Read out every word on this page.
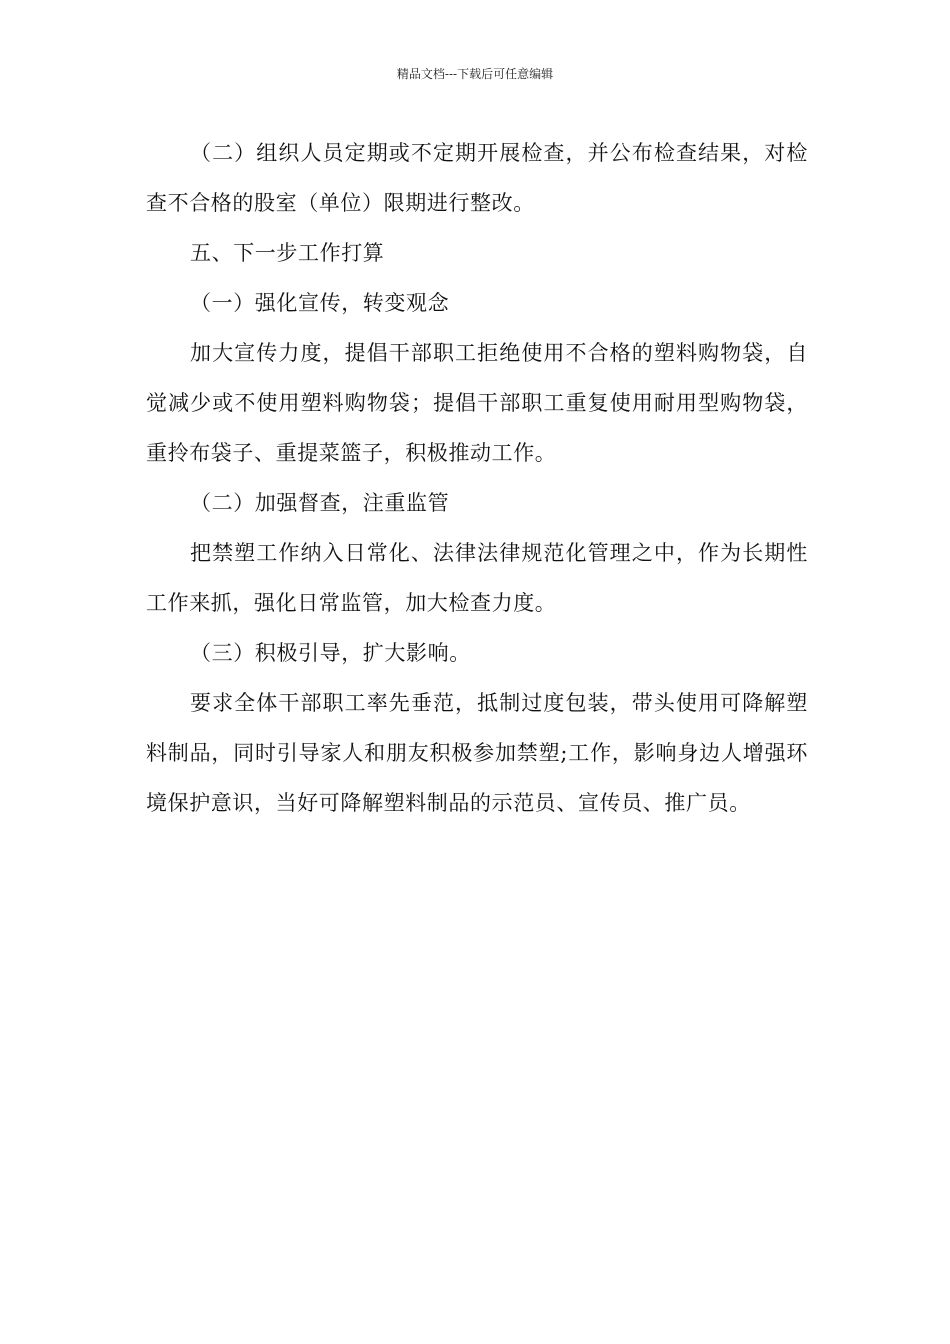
精品文档---下载后可任意编辑

（二）组织人员定期或不定期开展检查，并公布检查结果，对检查不合格的股室（单位）限期进行整改。

五、下一步工作打算

（一）强化宣传，转变观念

加大宣传力度，提倡干部职工拒绝使用不合格的塑料购物袋，自觉减少或不使用塑料购物袋；提倡干部职工重复使用耐用型购物袋，重拎布袋子、重提菜篮子，积极推动工作。

（二）加强督查，注重监管

把禁塑工作纳入日常化、法律法律规范化管理之中，作为长期性工作来抓，强化日常监管，加大检查力度。

（三）积极引导，扩大影响。

要求全体干部职工率先垂范，抵制过度包装，带头使用可降解塑料制品，同时引导家人和朋友积极参加禁塑;工作，影响身边人增强环境保护意识，当好可降解塑料制品的示范员、宣传员、推广员。
